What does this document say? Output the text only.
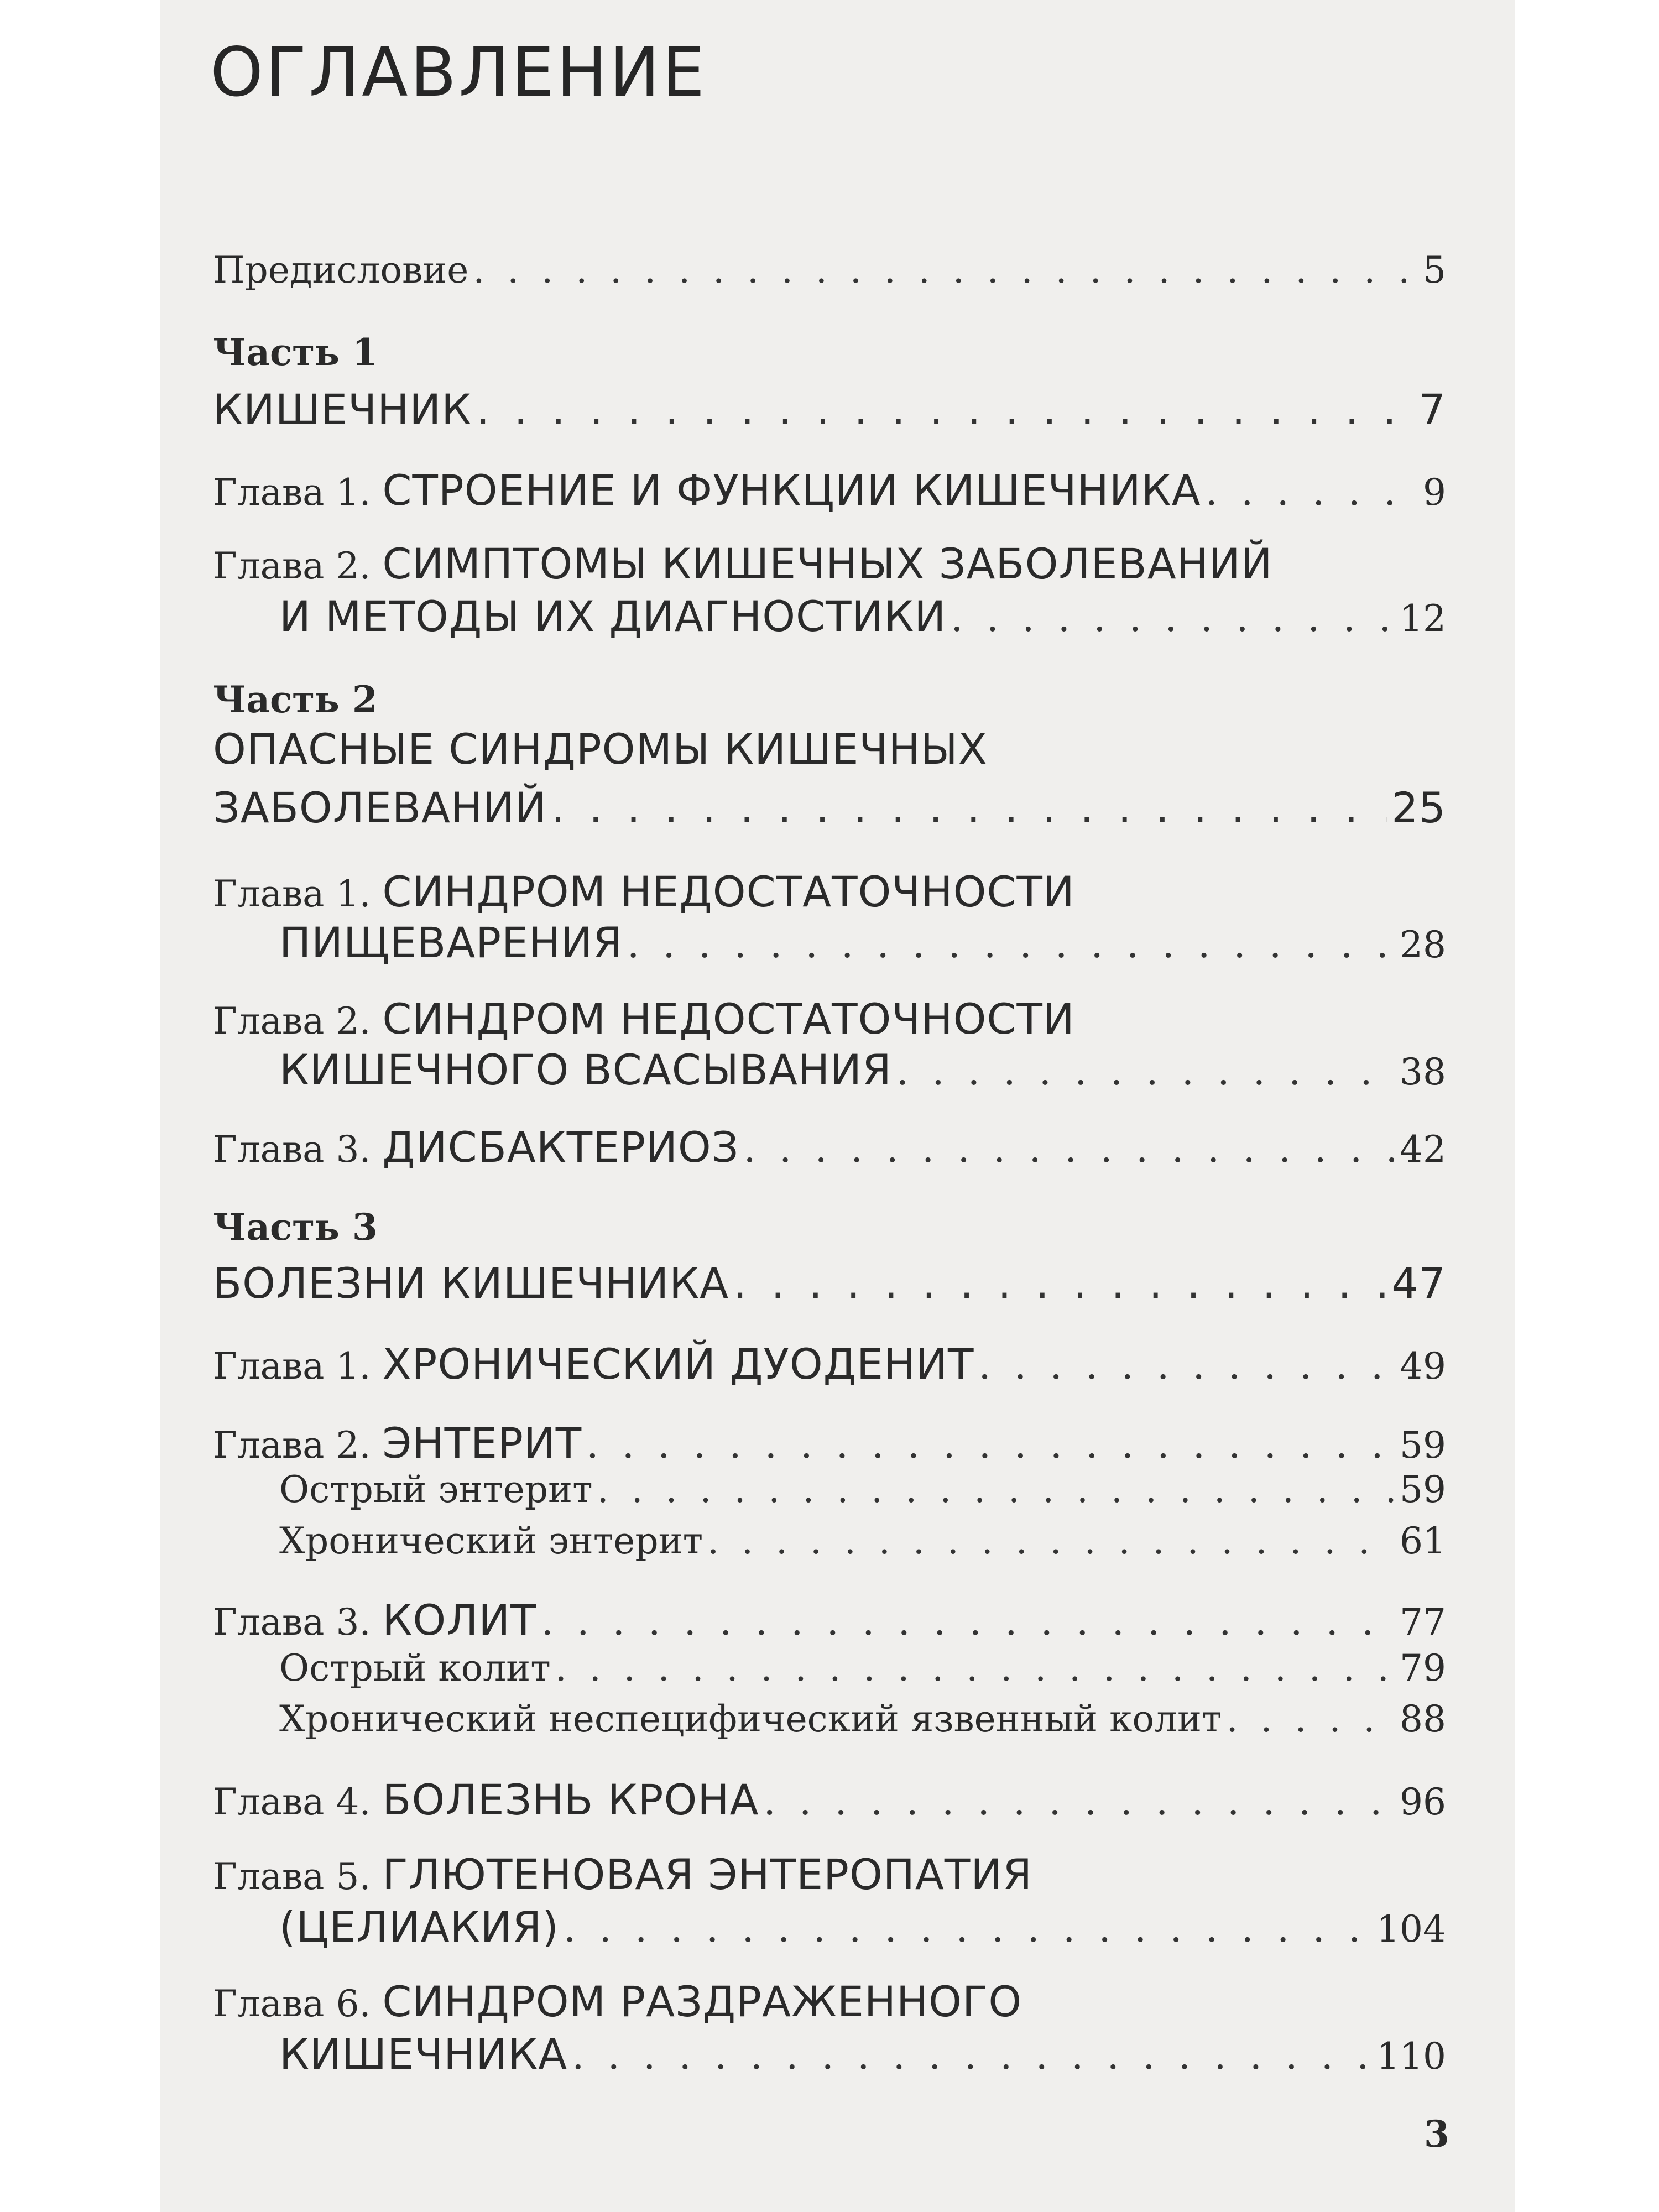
ОГЛАВЛЕНИЕ
Предисловие . . .	5
Часть 1
КИШЕЧНИК . . .	7
Глава 1. СТРОЕНИЕ И ФУНКЦИИ КИШЕЧНИКА . . .	9
Глава 2. СИМПТОМЫ КИШЕЧНЫХ ЗАБОЛЕВАНИЙ
И МЕТОДЫ ИХ ДИАГНОСТИКИ . . .	12
Часть 2
ОПАСНЫЕ СИНДРОМЫ КИШЕЧНЫХ
ЗАБОЛЕВАНИЙ . . .	25
Глава 1. СИНДРОМ НЕДОСТАТОЧНОСТИ
ПИЩЕВАРЕНИЯ . . .	28
Глава 2. СИНДРОМ НЕДОСТАТОЧНОСТИ
КИШЕЧНОГО ВСАСЫВАНИЯ . . .	38
Глава 3. ДИСБАКТЕРИОЗ . . .	42
Часть 3
БОЛЕЗНИ КИШЕЧНИКА . . .	47
Глава 1. ХРОНИЧЕСКИЙ ДУОДЕНИТ . . .	49
Глава 2. ЭНТЕРИТ . . .	59
Острый энтерит . . .	59
Хронический энтерит . . .	61
Глава 3. КОЛИТ . . .	77
Острый колит . . .	79
Хронический неспецифический язвенный колит . . .	88
Глава 4. БОЛЕЗНЬ КРОНА . . .	96
Глава 5. ГЛЮТЕНОВАЯ ЭНТЕРОПАТИЯ
(ЦЕЛИАКИЯ) . . .	104
Глава 6. СИНДРОМ РАЗДРАЖЕННОГО
КИШЕЧНИКА . . .	110
3
